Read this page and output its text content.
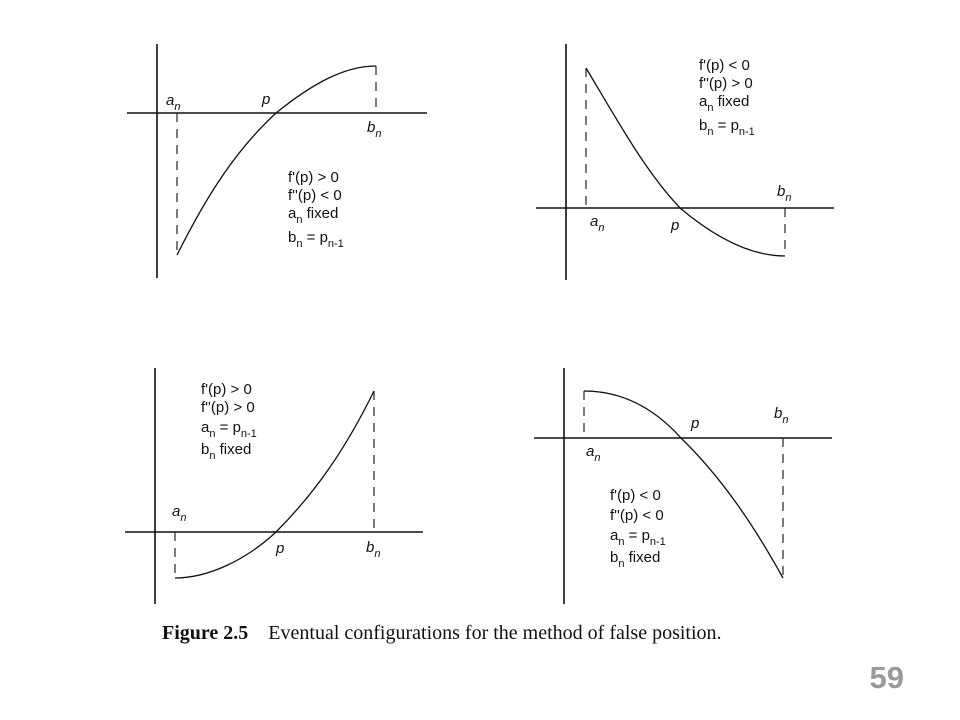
$a_n$	p
$b_n$
f'(p) > 0
f''(p) < 0
$a_n$ fixed
$b_n = p_{n-1}$
$a_n$	p
$b_n$
f'(p) < 0
f''(p) > 0
$a_n$ fixed
$b_n = p_{n-1}$
$a_n$
p	$b_n$
f'(p) > 0
f''(p) > 0
$a_n = p_{n-1}$
$b_n$ fixed	$a_n$
p
$b_n$
f'(p) < 0
f''(p) < 0
$a_n = p_{n-1}$
$b_n$ fixed
Figure 2.5 Eventual configurations for the method of false position.
59
